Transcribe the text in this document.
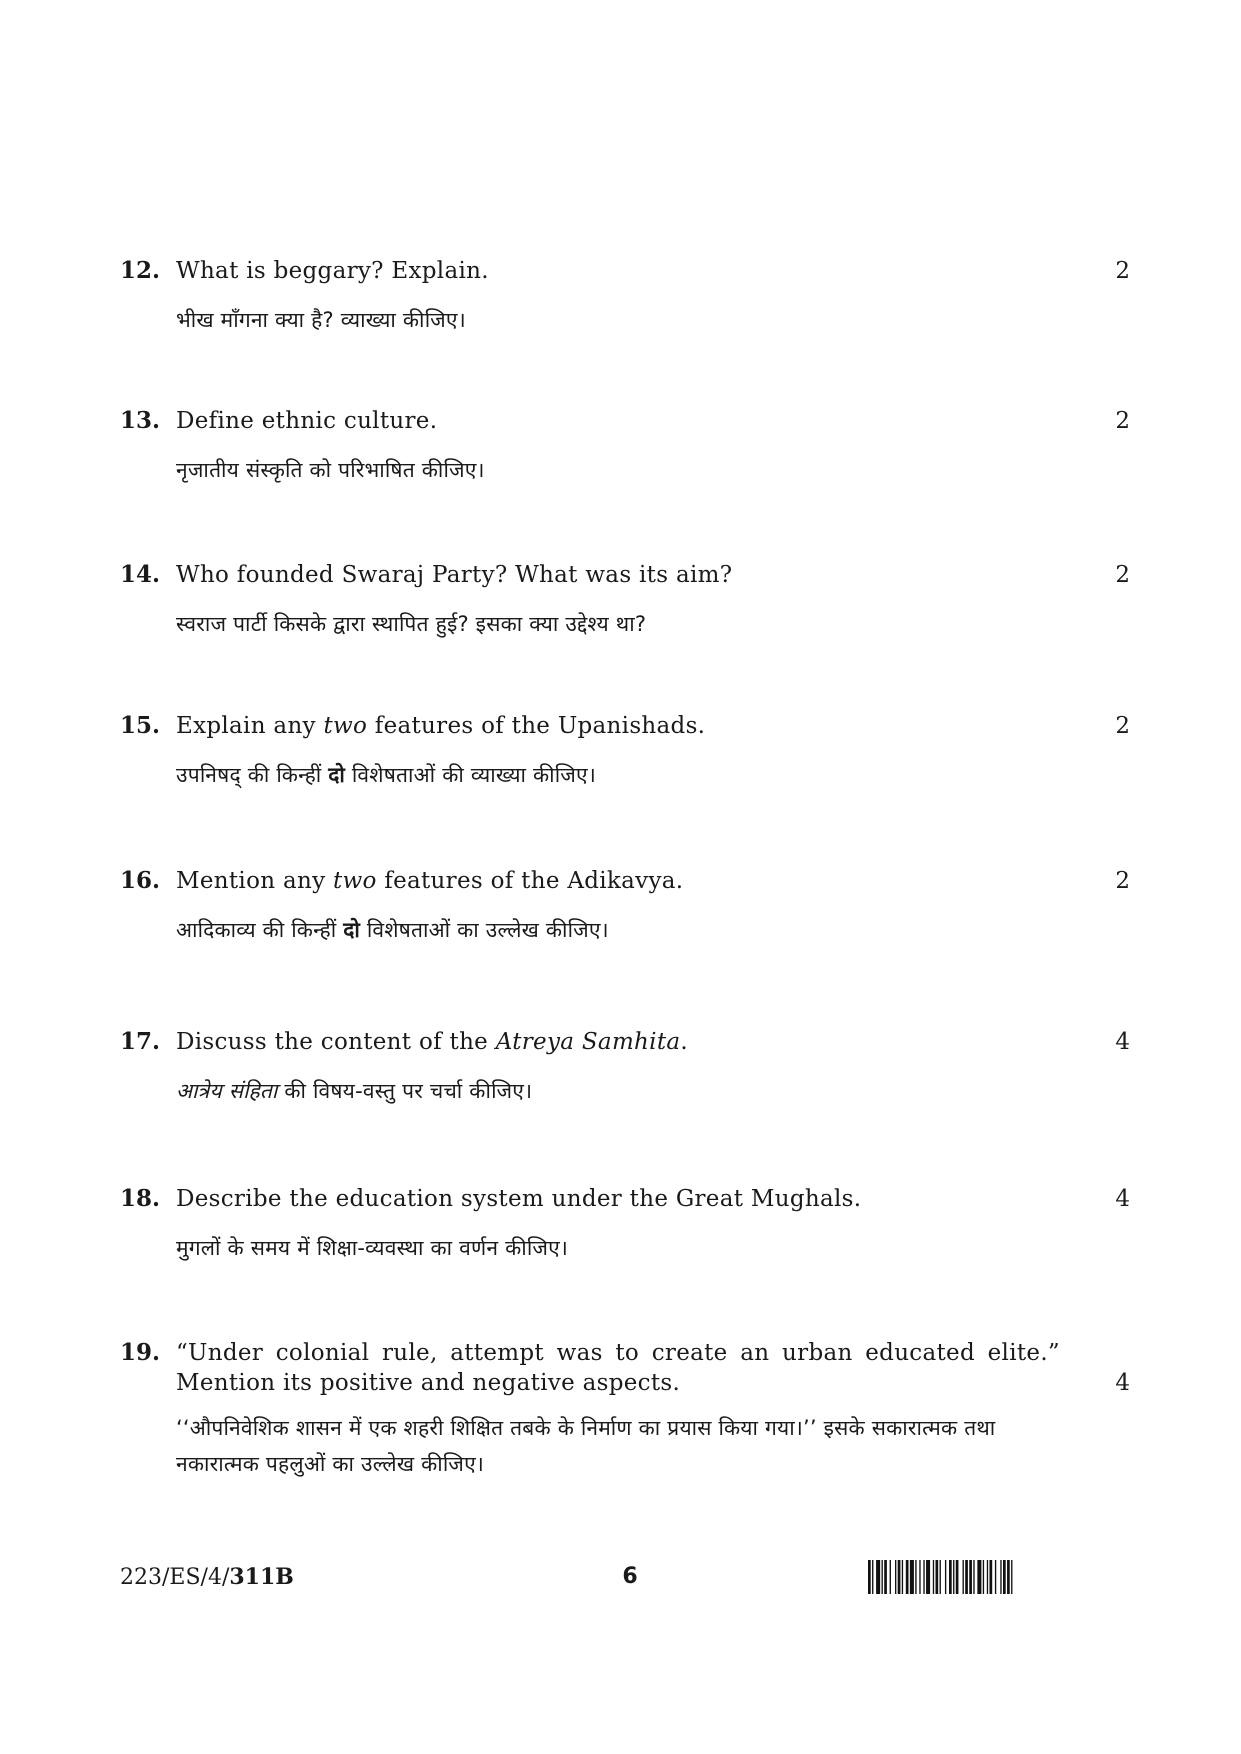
12. What is beggary? Explain.	2
भीख माँगना क्या है? व्याख्या कीजिए।
13. Define ethnic culture.	2
नृजातीय संस्कृति को परिभाषित कीजिए।
14. Who founded Swaraj Party? What was its aim?	2
स्वराज पार्टी किसके द्वारा स्थापित हुई? इसका क्या उद्देश्य था?
15. Explain any two features of the Upanishads.	2
उपनिषद् की किन्हीं दो विशेषताओं की व्याख्या कीजिए।
16. Mention any two features of the Adikavya.	2
आदिकाव्य की किन्हीं दो विशेषताओं का उल्लेख कीजिए।
17. Discuss the content of the Atreya Samhita.	4
आत्रेय संहिता की विषय-वस्तु पर चर्चा कीजिए।
18. Describe the education system under the Great Mughals.	4
मुगलों के समय में शिक्षा-व्यवस्था का वर्णन कीजिए।
19. “Under colonial rule, attempt was to create an urban educated elite.” Mention its positive and negative aspects.	4
‘‘औपनिवेशिक शासन में एक शहरी शिक्षित तबके के निर्माण का प्रयास किया गया।’’ इसके सकारात्मक तथा नकारात्मक पहलुओं का उल्लेख कीजिए।
223/ES/4/311B	6
